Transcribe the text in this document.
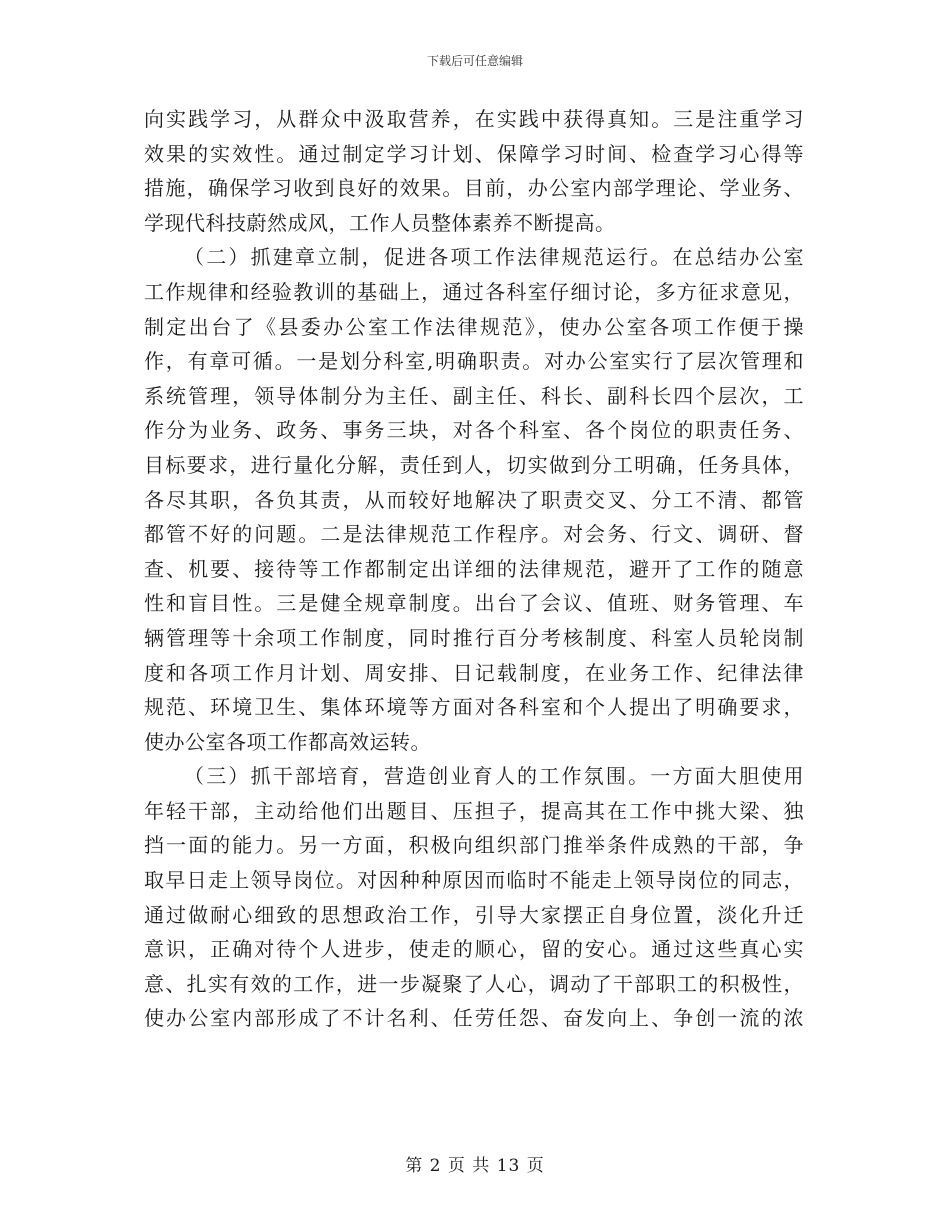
下载后可任意编辑
向实践学习，从群众中汲取营养，在实践中获得真知。三是注重学习
效果的实效性。通过制定学习计划、保障学习时间、检查学习心得等
措施，确保学习收到良好的效果。目前，办公室内部学理论、学业务、
学现代科技蔚然成风，工作人员整体素养不断提高。
（二）抓建章立制，促进各项工作法律规范运行。在总结办公室
工作规律和经验教训的基础上，通过各科室仔细讨论，多方征求意见，
制定出台了《县委办公室工作法律规范》，使办公室各项工作便于操
作，有章可循。一是划分科室,明确职责。对办公室实行了层次管理和
系统管理，领导体制分为主任、副主任、科长、副科长四个层次，工
作分为业务、政务、事务三块，对各个科室、各个岗位的职责任务、
目标要求，进行量化分解，责任到人，切实做到分工明确，任务具体，
各尽其职，各负其责，从而较好地解决了职责交叉、分工不清、都管
都管不好的问题。二是法律规范工作程序。对会务、行文、调研、督
查、机要、接待等工作都制定出详细的法律规范，避开了工作的随意
性和盲目性。三是健全规章制度。出台了会议、值班、财务管理、车
辆管理等十余项工作制度，同时推行百分考核制度、科室人员轮岗制
度和各项工作月计划、周安排、日记载制度，在业务工作、纪律法律
规范、环境卫生、集体环境等方面对各科室和个人提出了明确要求，
使办公室各项工作都高效运转。
（三）抓干部培育，营造创业育人的工作氛围。一方面大胆使用
年轻干部，主动给他们出题目、压担子，提高其在工作中挑大梁、独
挡一面的能力。另一方面，积极向组织部门推举条件成熟的干部，争
取早日走上领导岗位。对因种种原因而临时不能走上领导岗位的同志，
通过做耐心细致的思想政治工作，引导大家摆正自身位置，淡化升迁
意识，正确对待个人进步，使走的顺心，留的安心。通过这些真心实
意、扎实有效的工作，进一步凝聚了人心，调动了干部职工的积极性，
使办公室内部形成了不计名利、任劳任怨、奋发向上、争创一流的浓
第 2 页 共 13 页
